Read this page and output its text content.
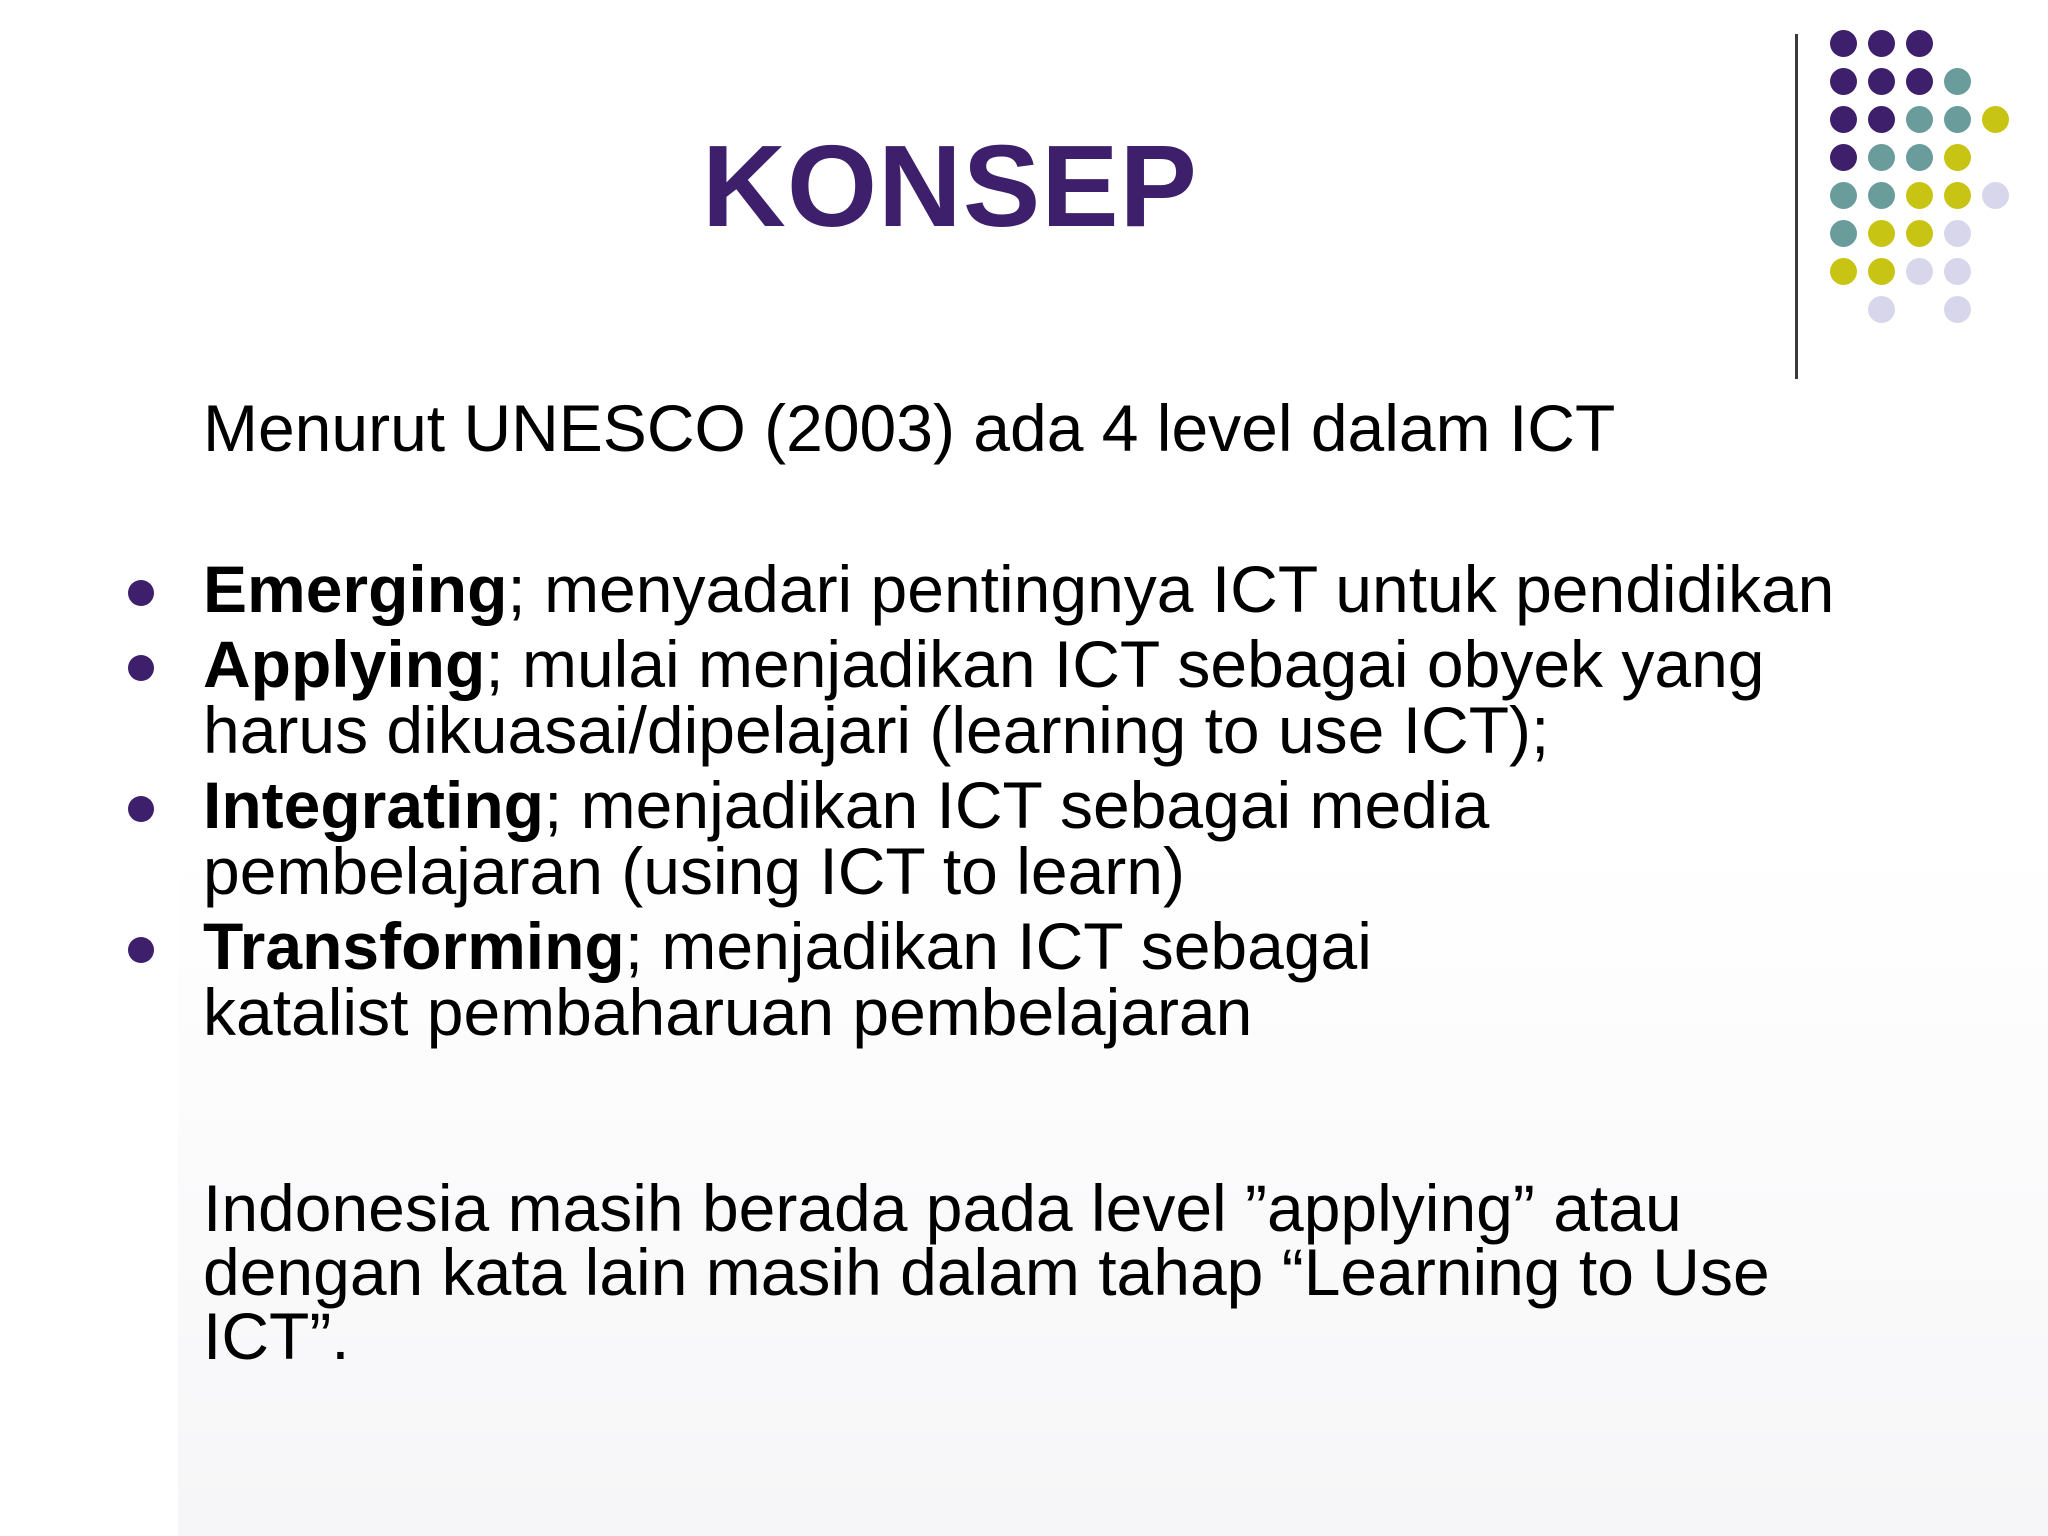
KONSEP
Menurut UNESCO (2003) ada 4 level dalam ICT
Emerging; menyadari pentingnya ICT untuk pendidikan
Applying; mulai menjadikan ICT sebagai obyek yang
harus dikuasai/dipelajari (learning to use ICT);
Integrating; menjadikan ICT sebagai media
pembelajaran (using ICT to learn)
Transforming; menjadikan ICT sebagai
katalist pembaharuan pembelajaran
Indonesia masih berada pada level ”applying” atau
dengan kata lain masih dalam tahap “Learning to Use
ICT”.
